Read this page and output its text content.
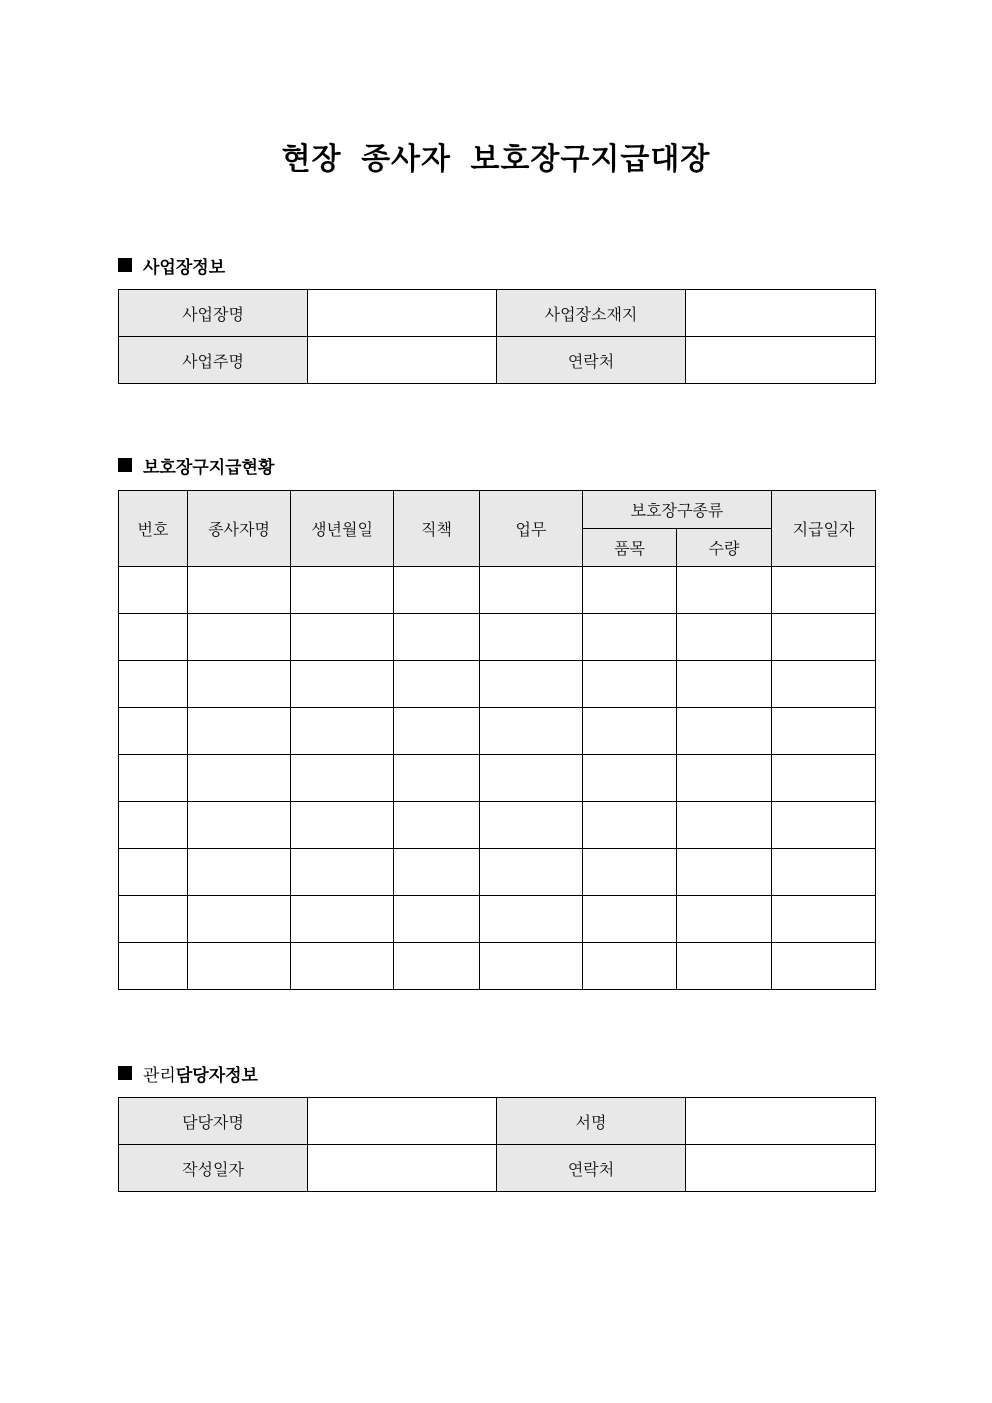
현장 종사자 보호장구지급대장
사업장정보
사업장명		사업장소재지	
사업주명		연락처	
보호장구지급현황
번호	종사자명	생년월일	직책	업무	보호장구종류		지급일자
					품목	수량	

관리 담당자정보
담당자명		서명	
작성일자		연락처	
